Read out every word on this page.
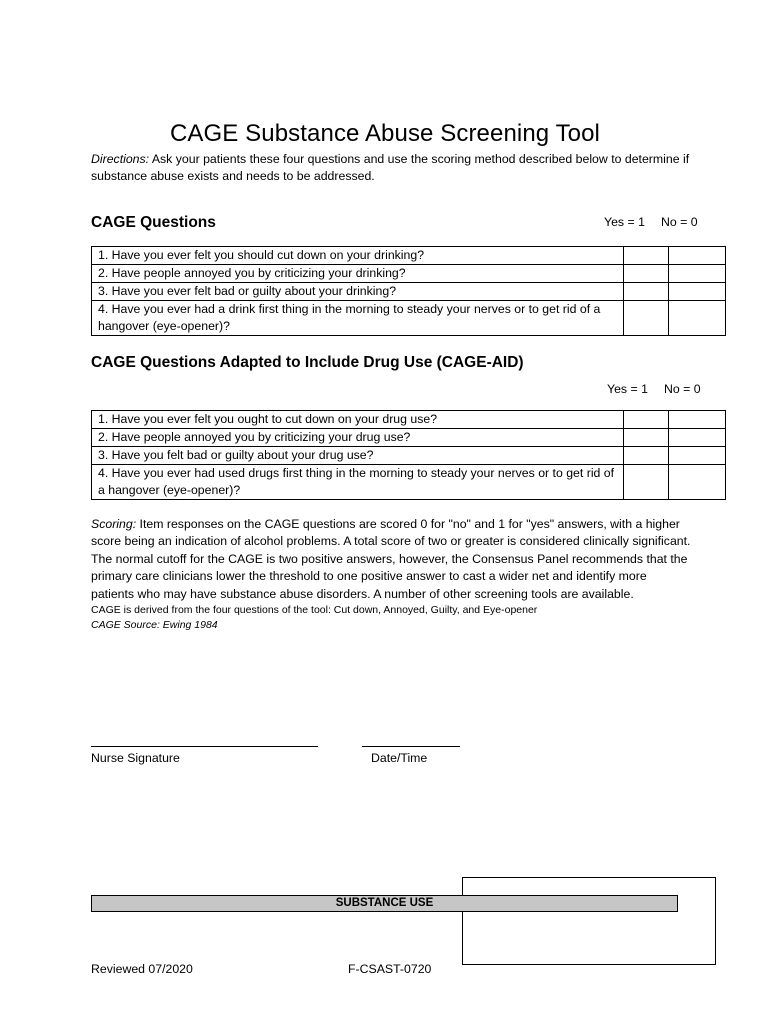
CAGE Substance Abuse Screening Tool
Directions: Ask your patients these four questions and use the scoring method described below to determine if substance abuse exists and needs to be addressed.
CAGE Questions	Yes = 1 No = 0
1. Have you ever felt you should cut down on your drinking?		
2. Have people annoyed you by criticizing your drinking?		
3. Have you ever felt bad or guilty about your drinking?		
4. Have you ever had a drink first thing in the morning to steady your nerves or to get rid of a hangover (eye-opener)?		
CAGE Questions Adapted to Include Drug Use (CAGE-AID)
Yes = 1 No = 0
1. Have you ever felt you ought to cut down on your drug use?		
2. Have people annoyed you by criticizing your drug use?		
3. Have you felt bad or guilty about your drug use?		
4. Have you ever had used drugs first thing in the morning to steady your nerves or to get rid of a hangover (eye-opener)?		
Scoring: Item responses on the CAGE questions are scored 0 for "no" and 1 for "yes" answers, with a higher score being an indication of alcohol problems. A total score of two or greater is considered clinically significant.
The normal cutoff for the CAGE is two positive answers, however, the Consensus Panel recommends that the primary care clinicians lower the threshold to one positive answer to cast a wider net and identify more patients who may have substance abuse disorders. A number of other screening tools are available.
CAGE is derived from the four questions of the tool: Cut down, Annoyed, Guilty, and Eye-opener
CAGE Source: Ewing 1984
Nurse Signature	Date/Time
SUBSTANCE USE
Reviewed 07/2020	F-CSAST-0720
